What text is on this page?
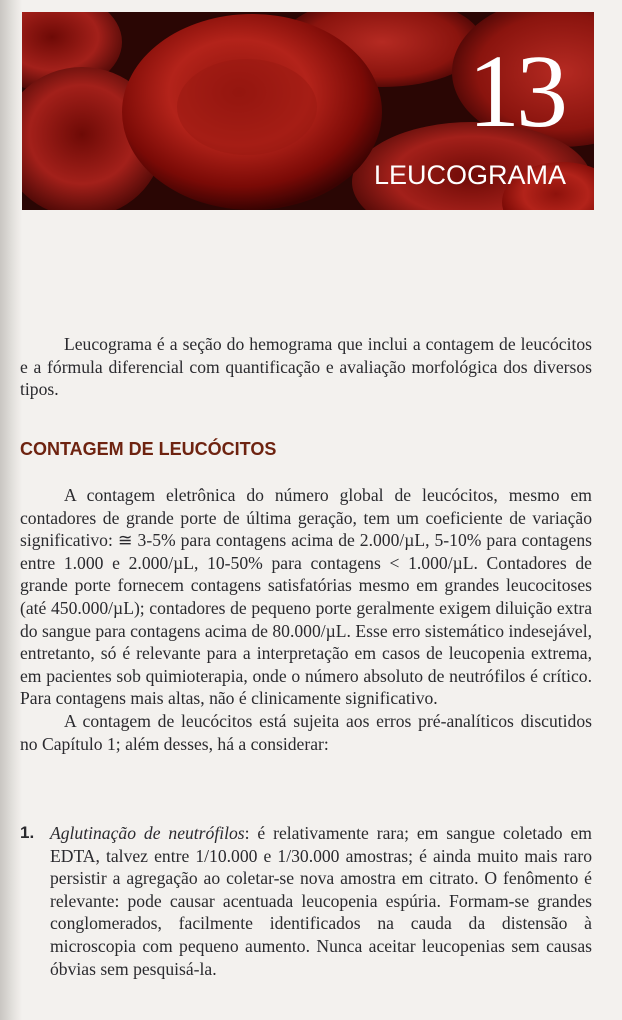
13
LEUCOGRAMA

Leucograma é a seção do hemograma que inclui a contagem de leucócitos e a fórmula diferencial com quantificação e avaliação morfológica dos diversos tipos.

CONTAGEM DE LEUCÓCITOS

A contagem eletrônica do número global de leucócitos, mesmo em contadores de grande porte de última geração, tem um coeficiente de variação significativo: ≅ 3-5% para contagens acima de 2.000/µL, 5-10% para contagens entre 1.000 e 2.000/µL, 10-50% para contagens < 1.000/µL. Contadores de grande porte fornecem contagens satisfatórias mesmo em grandes leucocitoses (até 450.000/µL); contadores de pequeno porte geralmente exigem diluição extra do sangue para contagens acima de 80.000/µL. Esse erro sistemático indesejável, entretanto, só é relevante para a interpretação em casos de leucopenia extrema, em pacientes sob quimioterapia, onde o número absoluto de neutrófilos é crítico. Para contagens mais altas, não é clinicamente significativo.

A contagem de leucócitos está sujeita aos erros pré-analíticos discutidos no Capítulo 1; além desses, há a considerar:

1. Aglutinação de neutrófilos: é relativamente rara; em sangue coletado em EDTA, talvez entre 1/10.000 e 1/30.000 amostras; é ainda muito mais raro persistir a agregação ao coletar-se nova amostra em citrato. O fenômento é relevante: pode causar acentuada leucopenia espúria. Formam-se grandes conglomerados, facilmente identificados na cauda da distensão à microscopia com pequeno aumento. Nunca aceitar leucopenias sem causas óbvias sem pesquisá-la.
